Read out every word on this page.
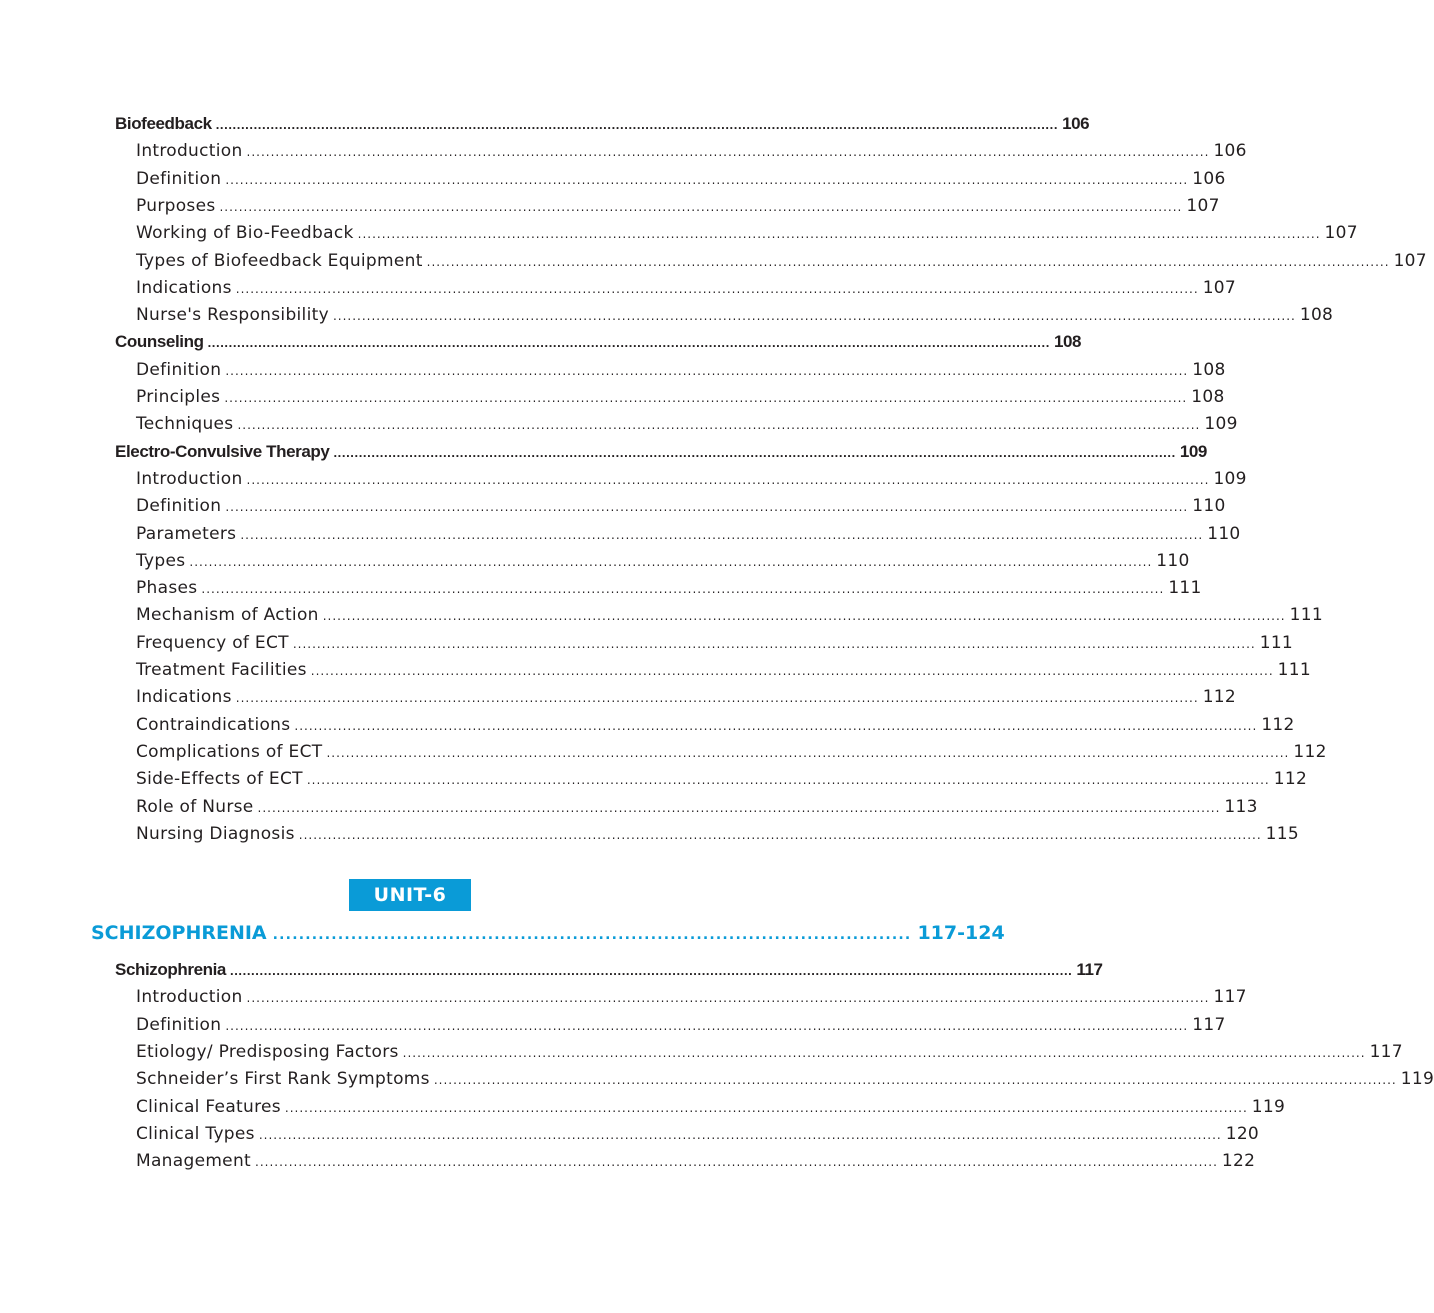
Biofeedback ........................................................................................................................................................................................................ 106
Introduction ........................................................................................................................................................................................................ 106
Definition ........................................................................................................................................................................................................ 106
Purposes ........................................................................................................................................................................................................ 107
Working of Bio-Feedback ........................................................................................................................................................................................................ 107
Types of Biofeedback Equipment ........................................................................................................................................................................................................ 107
Indications ........................................................................................................................................................................................................ 107
Nurse's Responsibility ........................................................................................................................................................................................................ 108
Counseling ........................................................................................................................................................................................................ 108
Definition ........................................................................................................................................................................................................ 108
Principles ........................................................................................................................................................................................................ 108
Techniques ........................................................................................................................................................................................................ 109
Electro-Convulsive Therapy ........................................................................................................................................................................................................ 109
Introduction ........................................................................................................................................................................................................ 109
Definition ........................................................................................................................................................................................................ 110
Parameters ........................................................................................................................................................................................................ 110
Types ........................................................................................................................................................................................................ 110
Phases ........................................................................................................................................................................................................ 111
Mechanism of Action ........................................................................................................................................................................................................ 111
Frequency of ECT ........................................................................................................................................................................................................ 111
Treatment Facilities ........................................................................................................................................................................................................ 111
Indications ........................................................................................................................................................................................................ 112
Contraindications ........................................................................................................................................................................................................ 112
Complications of ECT ........................................................................................................................................................................................................ 112
Side-Effects of ECT ........................................................................................................................................................................................................ 112
Role of Nurse ........................................................................................................................................................................................................ 113
Nursing Diagnosis ........................................................................................................................................................................................................ 115
UNIT-6
SCHIZOPHRENIA .................................................................................................. 117-124
Schizophrenia ........................................................................................................................................................................................................ 117
Introduction ........................................................................................................................................................................................................ 117
Definition ........................................................................................................................................................................................................ 117
Etiology/ Predisposing Factors ........................................................................................................................................................................................................ 117
Schneider’s First Rank Symptoms ........................................................................................................................................................................................................ 119
Clinical Features ........................................................................................................................................................................................................ 119
Clinical Types ........................................................................................................................................................................................................ 120
Management ........................................................................................................................................................................................................ 122
